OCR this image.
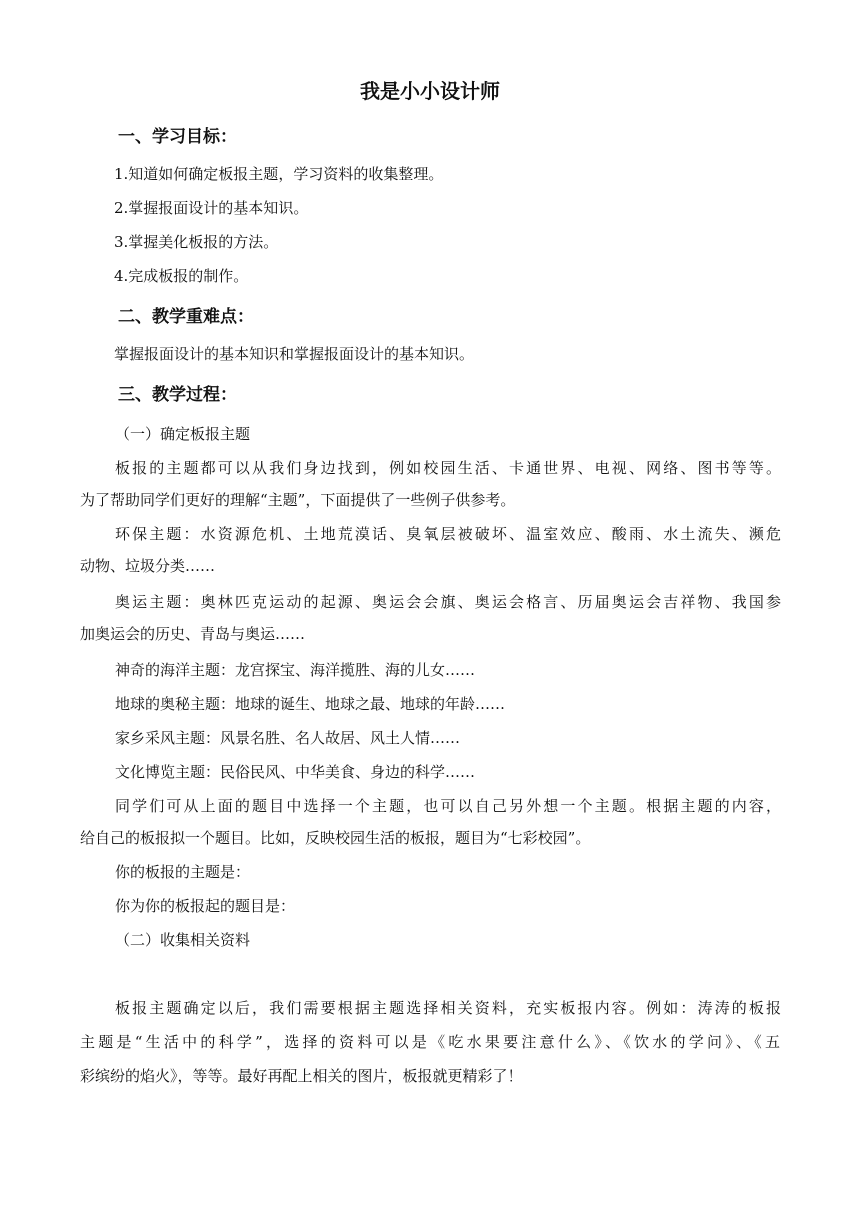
我是小小设计师
一、学习目标：
1.知道如何确定板报主题，学习资料的收集整理。
2.掌握报面设计的基本知识。
3.掌握美化板报的方法。
4.完成板报的制作。
二、教学重难点：
掌握报面设计的基本知识和掌握报面设计的基本知识。
三、教学过程：
（一）确定板报主题
板报的主题都可以从我们身边找到，例如校园生活、卡通世界、电视、网络、图书等等。
为了帮助同学们更好的理解“主题”，下面提供了一些例子供参考。
环保主题：水资源危机、土地荒漠话、臭氧层被破坏、温室效应、酸雨、水土流失、濒危
动物、垃圾分类……
奥运主题：奥林匹克运动的起源、奥运会会旗、奥运会格言、历届奥运会吉祥物、我国参
加奥运会的历史、青岛与奥运……
神奇的海洋主题：龙宫探宝、海洋揽胜、海的儿女……
地球的奥秘主题：地球的诞生、地球之最、地球的年龄……
家乡采风主题：风景名胜、名人故居、风土人情……
文化博览主题：民俗民风、中华美食、身边的科学……
同学们可从上面的题目中选择一个主题，也可以自己另外想一个主题。根据主题的内容，
给自己的板报拟一个题目。比如，反映校园生活的板报，题目为“七彩校园”。
你的板报的主题是：
你为你的板报起的题目是：
（二）收集相关资料
板报主题确定以后，我们需要根据主题选择相关资料，充实板报内容。例如：涛涛的板报
主题是“生活中的科学”，选择的资料可以是《吃水果要注意什么》、《饮水的学问》、《五
彩缤纷的焰火》，等等。最好再配上相关的图片，板报就更精彩了！
